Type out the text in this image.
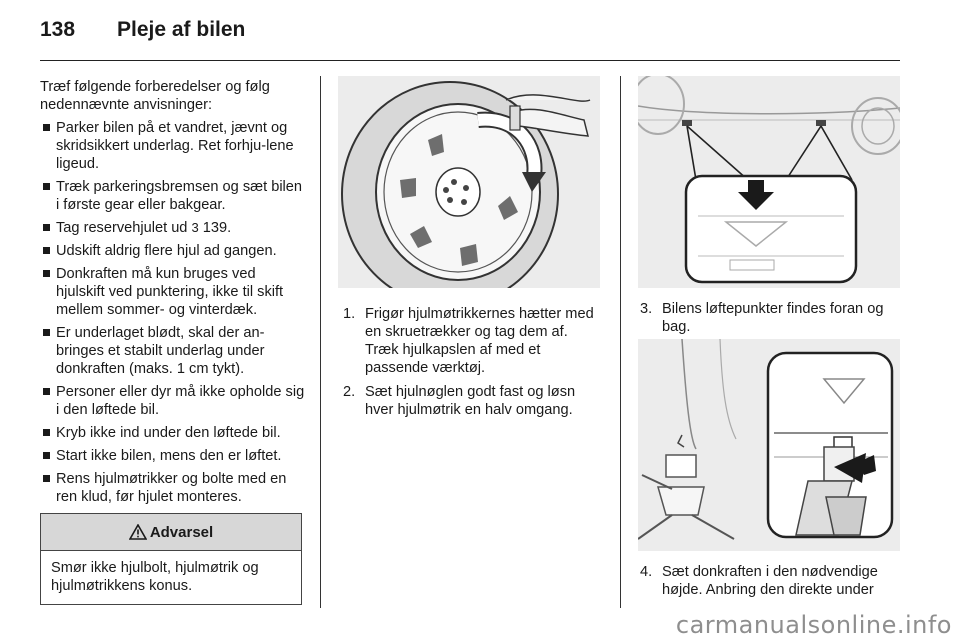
138 Pleje af bilen

Træf følgende forberedelser og følg nedennævnte anvisninger:

Parker bilen på et vandret, jævnt og skridsikkert underlag. Ret forhju-lene ligeud.
Træk parkeringsbremsen og sæt bilen i første gear eller bakgear.
Tag reservehjulet ud 3 139.
Udskift aldrig flere hjul ad gangen.
Donkraften må kun bruges ved hjulskift ved punktering, ikke til skift mellem sommer- og vinterdæk.
Er underlaget blødt, skal der an-bringes et stabilt underlag under donkraften (maks. 1 cm tykt).
Personer eller dyr må ikke opholde sig i den løftede bil.
Kryb ikke ind under den løftede bil.
Start ikke bilen, mens den er løftet.
Rens hjulmøtrikker og bolte med en ren klud, før hjulet monteres.
Advarsel
Smør ikke hjulbolt, hjulmøtrik og hjulmøtrikkens konus.
1. Frigør hjulmøtrikkernes hætter med en skruetrækker og tag dem af. Træk hjulkapslen af med et passende værktøj.
2. Sæt hjulnøglen godt fast og løsn hver hjulmøtrik en halv omgang.
3. Bilens løftepunkter findes foran og bag.
4. Sæt donkraften i den nødvendige højde. Anbring den direkte under
carmanualsonline.info
